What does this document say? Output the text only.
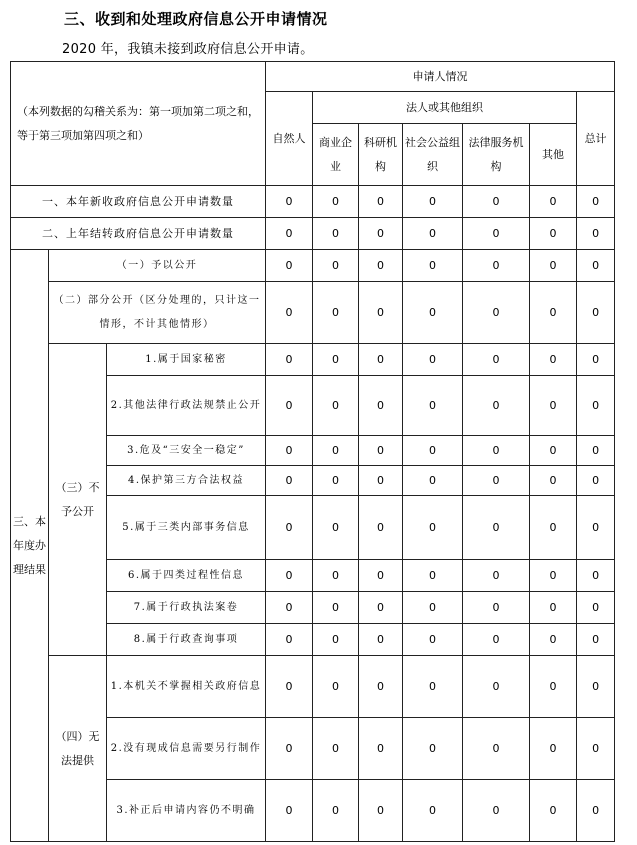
三、收到和处理政府信息公开申请情况

2020 年，我镇未接到政府信息公开申请。

（本列数据的勾稽关系为：第一项加第二项之和，等于第三项加第四项之和）			申请人情况						
			自然人	法人或其他组织					总计
				商业企业	科研机构	社会公益组织	法律服务机构	其他	
一、本年新收政府信息公开申请数量			0	0	0	0	0	0	0
二、上年结转政府信息公开申请数量			0	0	0	0	0	0	0
三、本年度办理结果	（一）予以公开		0	0	0	0	0	0	0
	（二）部分公开（区分处理的，只计这一情形，不计其他情形）		0	0	0	0	0	0	0
	（三）不予公开	1.属于国家秘密	0	0	0	0	0	0	0
		2.其他法律行政法规禁止公开	0	0	0	0	0	0	0
		3.危及“三安全一稳定”	0	0	0	0	0	0	0
		4.保护第三方合法权益	0	0	0	0	0	0	0
		5.属于三类内部事务信息	0	0	0	0	0	0	0
		6.属于四类过程性信息	0	0	0	0	0	0	0
		7.属于行政执法案卷	0	0	0	0	0	0	0
		8.属于行政查询事项	0	0	0	0	0	0	0
	（四）无法提供	1.本机关不掌握相关政府信息	0	0	0	0	0	0	0
		2.没有现成信息需要另行制作	0	0	0	0	0	0	0
		3.补正后申请内容仍不明确	0	0	0	0	0	0	0
